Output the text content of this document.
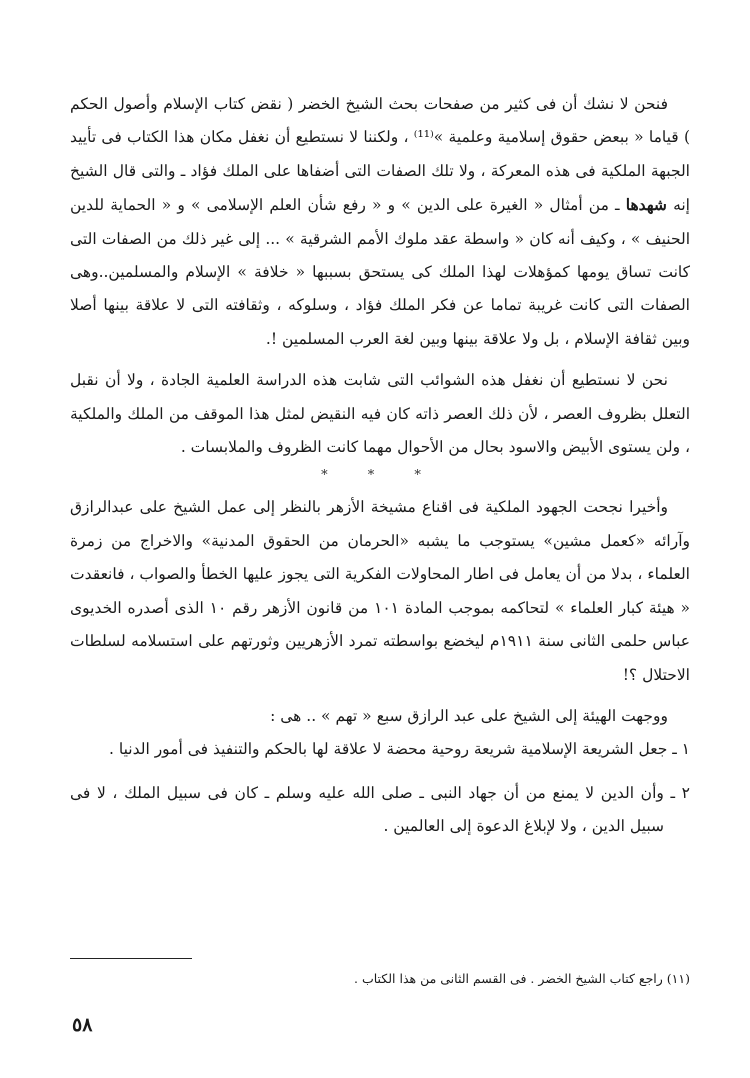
فنحن لا نشك أن فى كثير من صفحات بحث الشيخ الخضر ( نقض كتاب الإسلام وأصول الحكم ) قياما « ببعض حقوق إسلامية وعلمية »⁽¹¹⁾ ، ولكننا لا نستطيع أن نغفل مكان هذا الكتاب فى تأييد الجبهة الملكية فى هذه المعركة ، ولا تلك الصفات التى أضفاها على الملك فؤاد ـ والتى قال الشيخ إنه شهدها ـ من أمثال « الغيرة على الدين » و « رفع شأن العلم الإسلامى » و « الحماية للدين الحنيف » ، وكيف أنه كان « واسطة عقد ملوك الأمم الشرقية » ... إلى غير ذلك من الصفات التى كانت تساق يومها كمؤهلات لهذا الملك كى يستحق بسببها « خلافة » الإسلام والمسلمين..وهى الصفات التى كانت غريبة تماما عن فكر الملك فؤاد ، وسلوكه ، وثقافته التى لا علاقة بينها أصلا وبين ثقافة الإسلام ، بل ولا علاقة بينها وبين لغة العرب المسلمين !.

نحن لا نستطيع أن نغفل هذه الشوائب التى شابت هذه الدراسة العلمية الجادة ، ولا أن نقبل التعلل بظروف العصر ، لأن ذلك العصر ذاته كان فيه النقيض لمثل هذا الموقف من الملك والملكية ، ولن يستوى الأبيض والاسود بحال من الأحوال مهما كانت الظروف والملابسات .

* * *

وأخيرا نجحت الجهود الملكية فى اقناع مشيخة الأزهر بالنظر إلى عمل الشيخ على عبدالرازق وآرائه «كعمل مشين» يستوجب ما يشبه «الحرمان من الحقوق المدنية» والاخراج من زمرة العلماء ، بدلا من أن يعامل فى اطار المحاولات الفكرية التى يجوز عليها الخطأ والصواب ، فانعقدت « هيئة كبار العلماء » لتحاكمه بموجب المادة ١٠١ من قانون الأزهر رقم ١٠ الذى أصدره الخديوى عباس حلمى الثانى سنة ١٩١١م ليخضع بواسطته تمرد الأزهريين وثورتهم على استسلامه لسلطات الاحتلال ؟!

ووجهت الهيئة إلى الشيخ على عبد الرازق سبع « تهم » .. هى :

١ ـ جعل الشريعة الإسلامية شريعة روحية محضة لا علاقة لها بالحكم والتنفيذ فى أمور الدنيا .

٢ ـ وأن الدين لا يمنع من أن جهاد النبى ـ صلى الله عليه وسلم ـ كان فى سبيل الملك ، لا فى سبيل الدين ، ولا لإبلاغ الدعوة إلى العالمين .

(١١) راجع كتاب الشيخ الخضر . فى القسم الثانى من هذا الكتاب .
٥٨
